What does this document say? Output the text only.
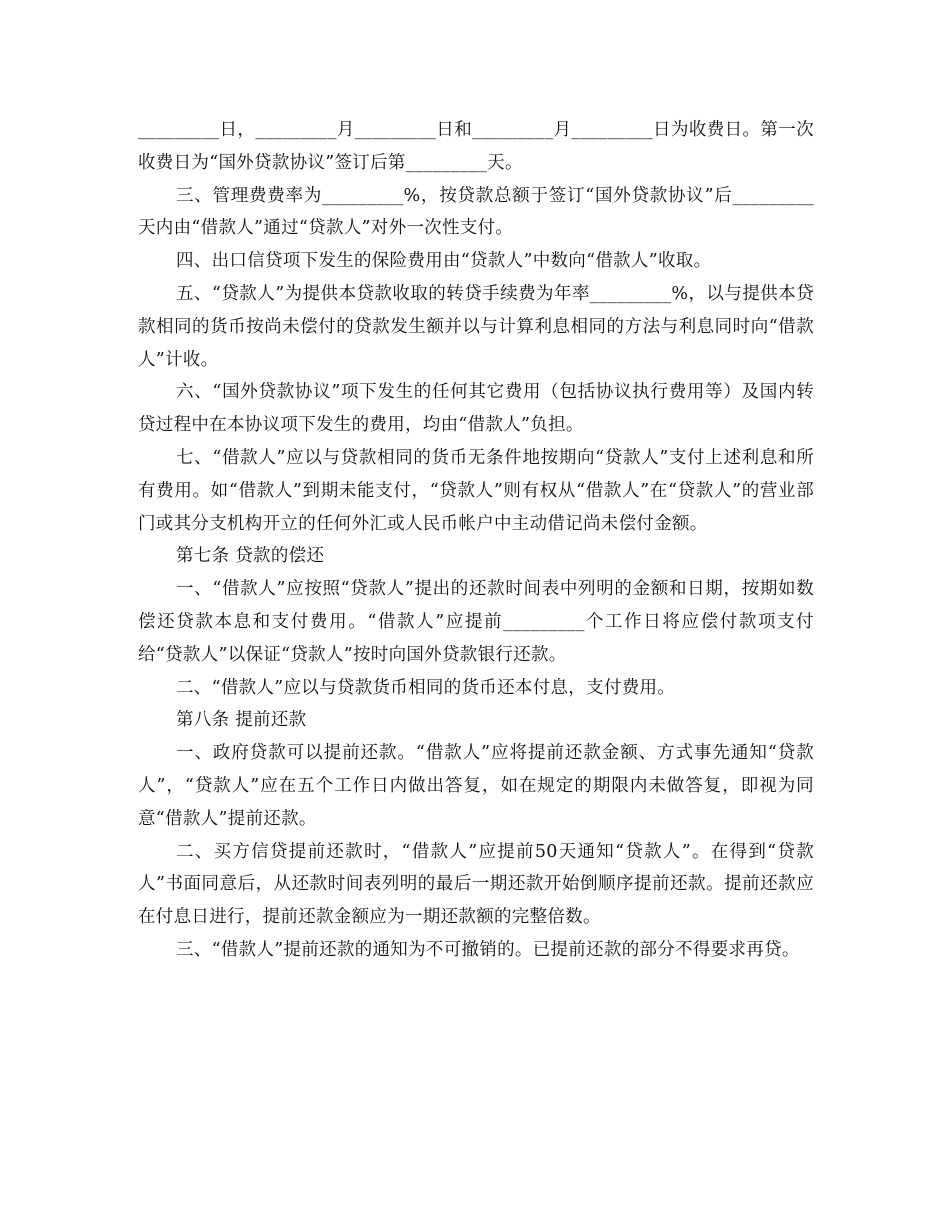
_________日，_________月_________日和_________月_________日为收费日。第一次收费日为“国外贷款协议”签订后第_________天。

三、管理费费率为_________%，按贷款总额于签订“国外贷款协议”后_________天内由“借款人”通过“贷款人”对外一次性支付。

四、出口信贷项下发生的保险费用由“贷款人”中数向“借款人”收取。

五、“贷款人”为提供本贷款收取的转贷手续费为年率_________%，以与提供本贷款相同的货币按尚未偿付的贷款发生额并以与计算利息相同的方法与利息同时向“借款人”计收。

六、“国外贷款协议”项下发生的任何其它费用（包括协议执行费用等）及国内转贷过程中在本协议项下发生的费用，均由“借款人”负担。

七、“借款人”应以与贷款相同的货币无条件地按期向“贷款人”支付上述利息和所有费用。如“借款人”到期未能支付，“贷款人”则有权从“借款人”在“贷款人”的营业部门或其分支机构开立的任何外汇或人民币帐户中主动借记尚未偿付金额。

第七条 贷款的偿还

一、“借款人”应按照“贷款人”提出的还款时间表中列明的金额和日期，按期如数偿还贷款本息和支付费用。“借款人”应提前_________个工作日将应偿付款项支付给“贷款人”以保证“贷款人”按时向国外贷款银行还款。

二、“借款人”应以与贷款货币相同的货币还本付息，支付费用。

第八条 提前还款

一、政府贷款可以提前还款。“借款人”应将提前还款金额、方式事先通知“贷款人”，“贷款人”应在五个工作日内做出答复，如在规定的期限内未做答复，即视为同意“借款人”提前还款。

二、买方信贷提前还款时，“借款人”应提前50天通知“贷款人”。在得到“贷款人”书面同意后，从还款时间表列明的最后一期还款开始倒顺序提前还款。提前还款应在付息日进行，提前还款金额应为一期还款额的完整倍数。

三、“借款人”提前还款的通知为不可撤销的。已提前还款的部分不得要求再贷。
